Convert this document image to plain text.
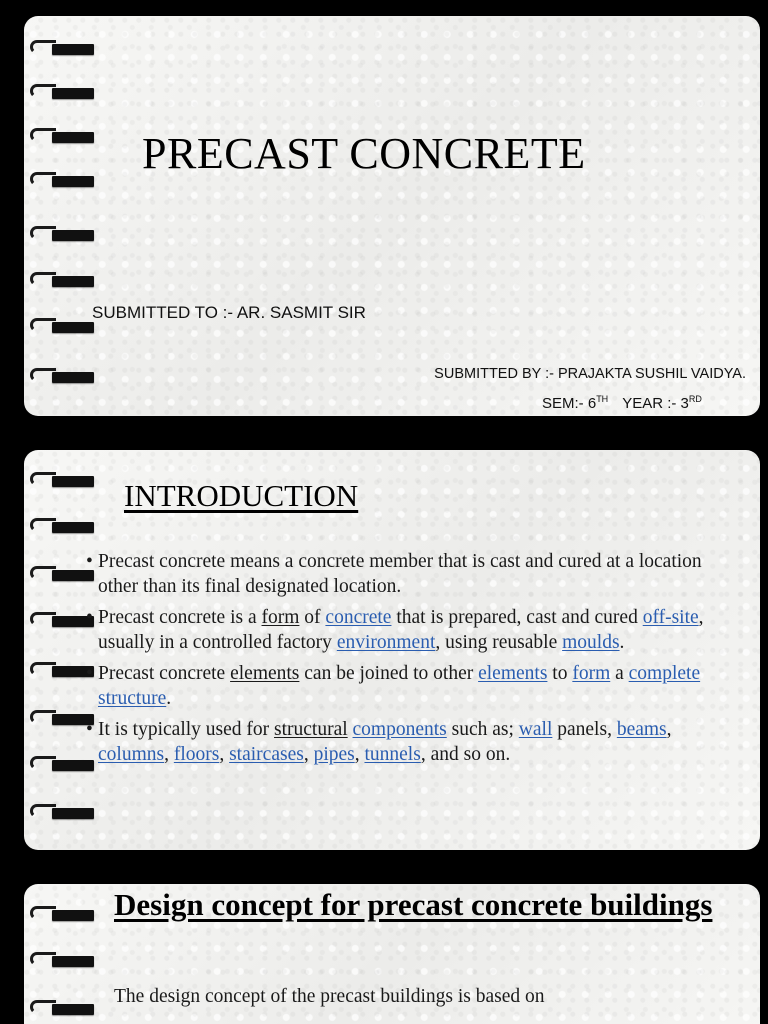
PRECAST CONCRETE
SUBMITTED TO :- AR. SASMIT SIR
SUBMITTED BY :- PRAJAKTA SUSHIL VAIDYA.
SEM:- 6TH YEAR :- 3RD
INTRODUCTION
• Precast concrete means a concrete member that is cast and cured at a location other than its final designated location.
• Precast concrete is a form of concrete that is prepared, cast and cured off-site, usually in a controlled factory environment, using reusable moulds.
• Precast concrete elements can be joined to other elements to form a complete structure.
• It is typically used for structural components such as; wall panels, beams, columns, floors, staircases, pipes, tunnels, and so on.
Design concept for precast concrete buildings
The design concept of the precast buildings is based on
